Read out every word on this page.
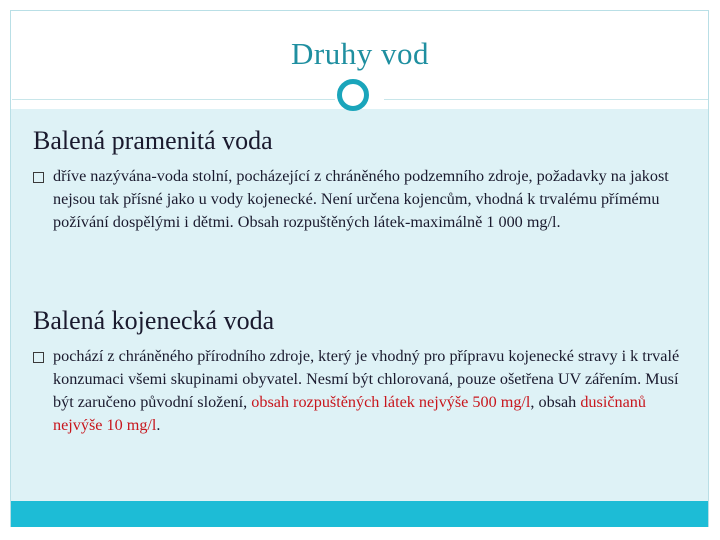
Druhy vod
Balená pramenitá voda
dříve nazývána-voda stolní, pocházející z chráněného podzemního zdroje, požadavky na jakost nejsou tak přísné jako u vody kojenecké. Není určena kojencům, vhodná k trvalému přímému požívání dospělými i dětmi. Obsah rozpuštěných látek-maximálně 1 000 mg/l.
Balená kojenecká voda
pochází z chráněného přírodního zdroje, který je vhodný pro přípravu kojenecké stravy i k trvalé konzumaci všemi skupinami obyvatel. Nesmí být chlorovaná, pouze ošetřena UV zářením. Musí být zaručeno původní složení, obsah rozpuštěných látek nejvýše 500 mg/l, obsah dusičnanů nejvýše 10 mg/l.
